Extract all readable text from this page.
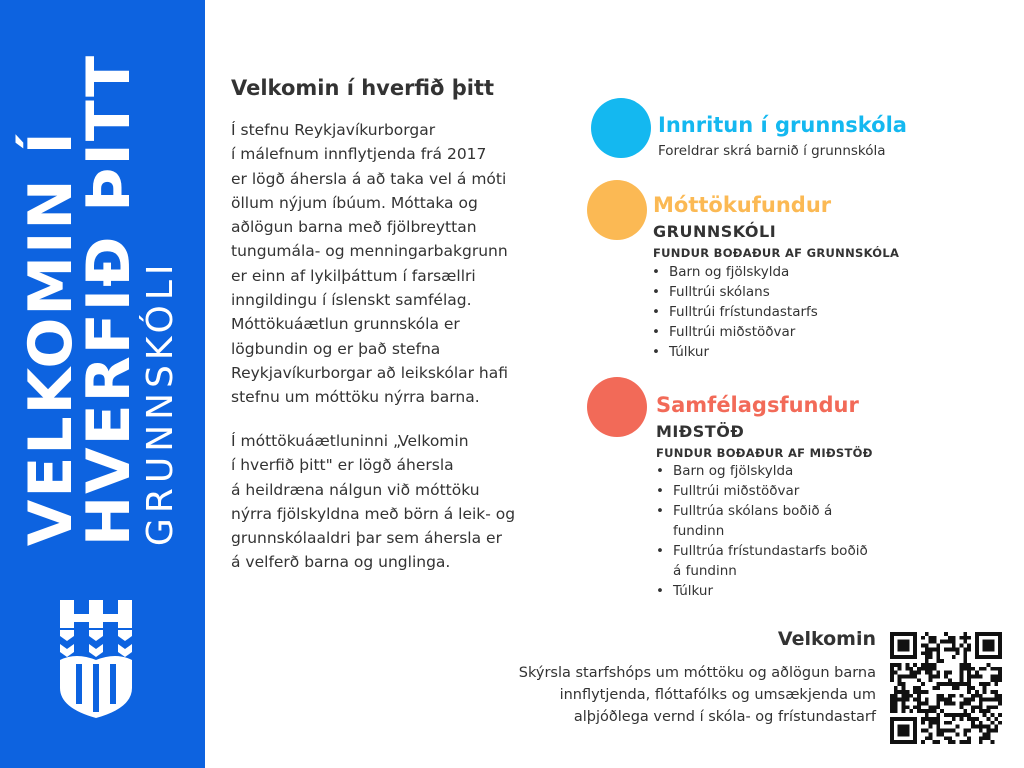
VELKOMIN Í
HVERFIÐ ÞITT
GRUNNSKÓLI
Velkomin í hverfið þitt
Í stefnu Reykjavíkurborgar
í málefnum innflytjenda frá 2017
er lögð áhersla á að taka vel á móti
öllum nýjum íbúum. Móttaka og
aðlögun barna með fjölbreyttan
tungumála- og menningarbakgrunn
er einn af lykilþáttum í farsællri
inngildingu í íslenskt samfélag.
Móttökuáætlun grunnskóla er
lögbundin og er það stefna
Reykjavíkurborgar að leikskólar hafi
stefnu um móttöku nýrra barna.
Í móttökuáætluninni „Velkomin
í hverfið þitt" er lögð áhersla
á heildræna nálgun við móttöku
nýrra fjölskyldna með börn á leik- og
grunnskólaaldri þar sem áhersla er
á velferð barna og unglinga.
Innritun í grunnskóla
Foreldrar skrá barnið í grunnskóla
Móttökufundur
GRUNNSKÓLI
FUNDUR BOÐAÐUR AF GRUNNSKÓLA
• Barn og fjölskylda
• Fulltrúi skólans
• Fulltrúi frístundastarfs
• Fulltrúi miðstöðvar
• Túlkur
Samfélagsfundur
MIÐSTÖÐ
FUNDUR BOÐAÐUR AF MIÐSTÖÐ
• Barn og fjölskylda
• Fulltrúi miðstöðvar
• Fulltrúa skólans boðið á fundinn
• Fulltrúa frístundastarfs boðið á fundinn
• Túlkur
Velkomin
Skýrsla starfshóps um móttöku og aðlögun barna innflytjenda, flóttafólks og umsækjenda um alþjóðlega vernd í skóla- og frístundastarf
